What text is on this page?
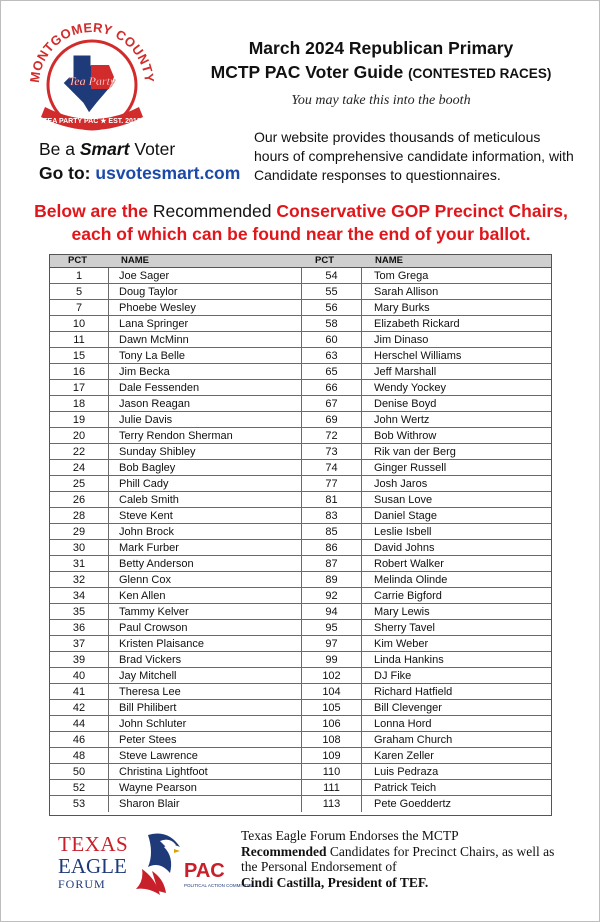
MONTGOMERY COUNTY
Tea Party
TEA PARTY PAC ★ EST. 2012
March 2024 Republican Primary
MCTP PAC Voter Guide (CONTESTED RACES)
You may take this into the booth
Be a Smart Voter
Go to: usvotesmart.com
Our website provides thousands of meticulous hours of comprehensive candidate information, with Candidate responses to questionnaires.
Below are the Recommended Conservative GOP Precinct Chairs,
each of which can be found near the end of your ballot.
PCT	NAME	PCT	NAME
1	Joe Sager	54	Tom Grega
5	Doug Taylor	55	Sarah Allison
7	Phoebe Wesley	56	Mary Burks
10	Lana Springer	58	Elizabeth Rickard
11	Dawn McMinn	60	Jim Dinaso
15	Tony La Belle	63	Herschel Williams
16	Jim Becka	65	Jeff Marshall
17	Dale Fessenden	66	Wendy Yockey
18	Jason Reagan	67	Denise Boyd
19	Julie Davis	69	John Wertz
20	Terry Rendon Sherman	72	Bob Withrow
22	Sunday Shibley	73	Rik van der Berg
24	Bob Bagley	74	Ginger Russell
25	Phill Cady	77	Josh Jaros
26	Caleb Smith	81	Susan Love
28	Steve Kent	83	Daniel Stage
29	John Brock	85	Leslie Isbell
30	Mark Furber	86	David Johns
31	Betty Anderson	87	Robert Walker
32	Glenn Cox	89	Melinda Olinde
34	Ken Allen	92	Carrie Bigford
35	Tammy Kelver	94	Mary Lewis
36	Paul Crowson	95	Sherry Tavel
37	Kristen Plaisance	97	Kim Weber
39	Brad Vickers	99	Linda Hankins
40	Jay Mitchell	102	DJ Fike
41	Theresa Lee	104	Richard Hatfield
42	Bill Philibert	105	Bill Clevenger
44	John Schluter	106	Lonna Hord
46	Peter Stees	108	Graham Church
48	Steve Lawrence	109	Karen Zeller
50	Christina Lightfoot	110	Luis Pedraza
52	Wayne Pearson	111	Patrick Teich
53	Sharon Blair	113	Pete Goeddertz
TEXAS
EAGLE
FORUM
PAC
POLITICAL ACTION COMMITTEE
Texas Eagle Forum Endorses the MCTP
Recommended Candidates for Precinct Chairs, as well as the Personal Endorsement of
Cindi Castilla, President of TEF.
